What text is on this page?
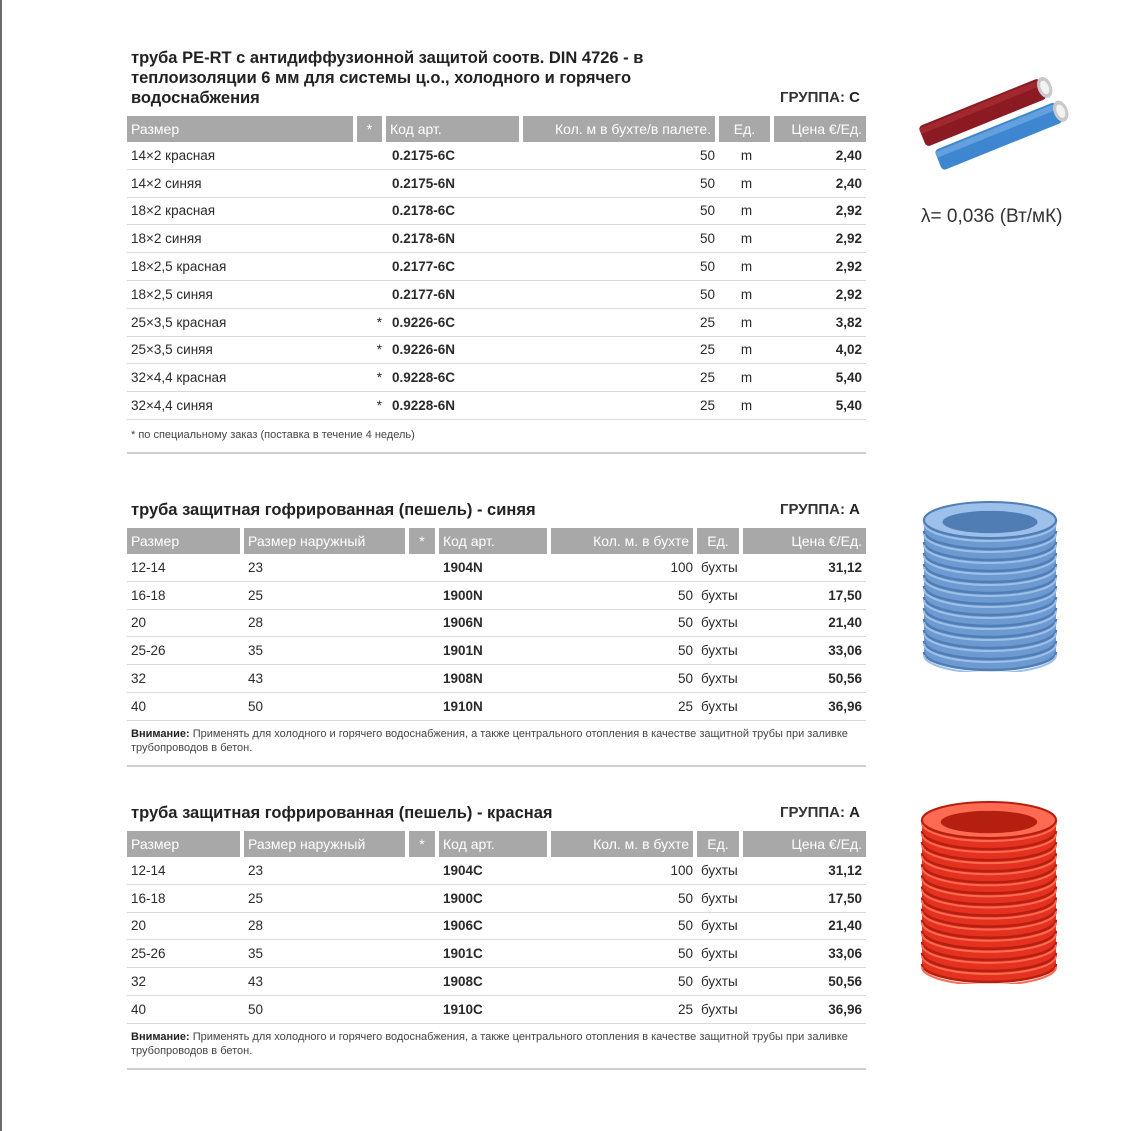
труба PE-RT с антидиффузионной защитой соотв. DIN 4726 - в теплоизоляции 6 мм для системы ц.о., холодного и горячего водоснабжения	ГРУППА: C
Размер	*	Код арт.	Кол. м в бухте/в палете.	Ед.	Цена €/Ед.
14×2 красная		0.2175-6C	50	m	2,40
14×2 синяя		0.2175-6N	50	m	2,40
18×2 красная		0.2178-6C	50	m	2,92
18×2 синяя		0.2178-6N	50	m	2,92
18×2,5 красная		0.2177-6C	50	m	2,92
18×2,5 синяя		0.2177-6N	50	m	2,92
25×3,5 красная	*	0.9226-6C	25	m	3,82
25×3,5 синяя	*	0.9226-6N	25	m	4,02
32×4,4 красная	*	0.9228-6C	25	m	5,40
32×4,4 синяя	*	0.9228-6N	25	m	5,40
* по специальному заказ (поставка в течение 4 недель)
λ= 0,036 (Вт/мК)
труба защитная гофрированная (пешель) - синяя	ГРУППА: A
Размер	Размер наружный	*	Код арт.	Кол. м. в бухте	Ед.	Цена €/Ед.
12-14	23		1904N	100	бухты	31,12
16-18	25		1900N	50	бухты	17,50
20	28		1906N	50	бухты	21,40
25-26	35		1901N	50	бухты	33,06
32	43		1908N	50	бухты	50,56
40	50		1910N	25	бухты	36,96
Внимание: Применять для холодного и горячего водоснабжения, а также центрального отопления в качестве защитной трубы при заливке трубопроводов в бетон.
труба защитная гофрированная (пешель) - красная	ГРУППА: A
Размер	Размер наружный	*	Код арт.	Кол. м. в бухте	Ед.	Цена €/Ед.
12-14	23		1904C	100	бухты	31,12
16-18	25		1900C	50	бухты	17,50
20	28		1906C	50	бухты	21,40
25-26	35		1901C	50	бухты	33,06
32	43		1908C	50	бухты	50,56
40	50		1910C	25	бухты	36,96
Внимание: Применять для холодного и горячего водоснабжения, а также центрального отопления в качестве защитной трубы при заливке трубопроводов в бетон.
